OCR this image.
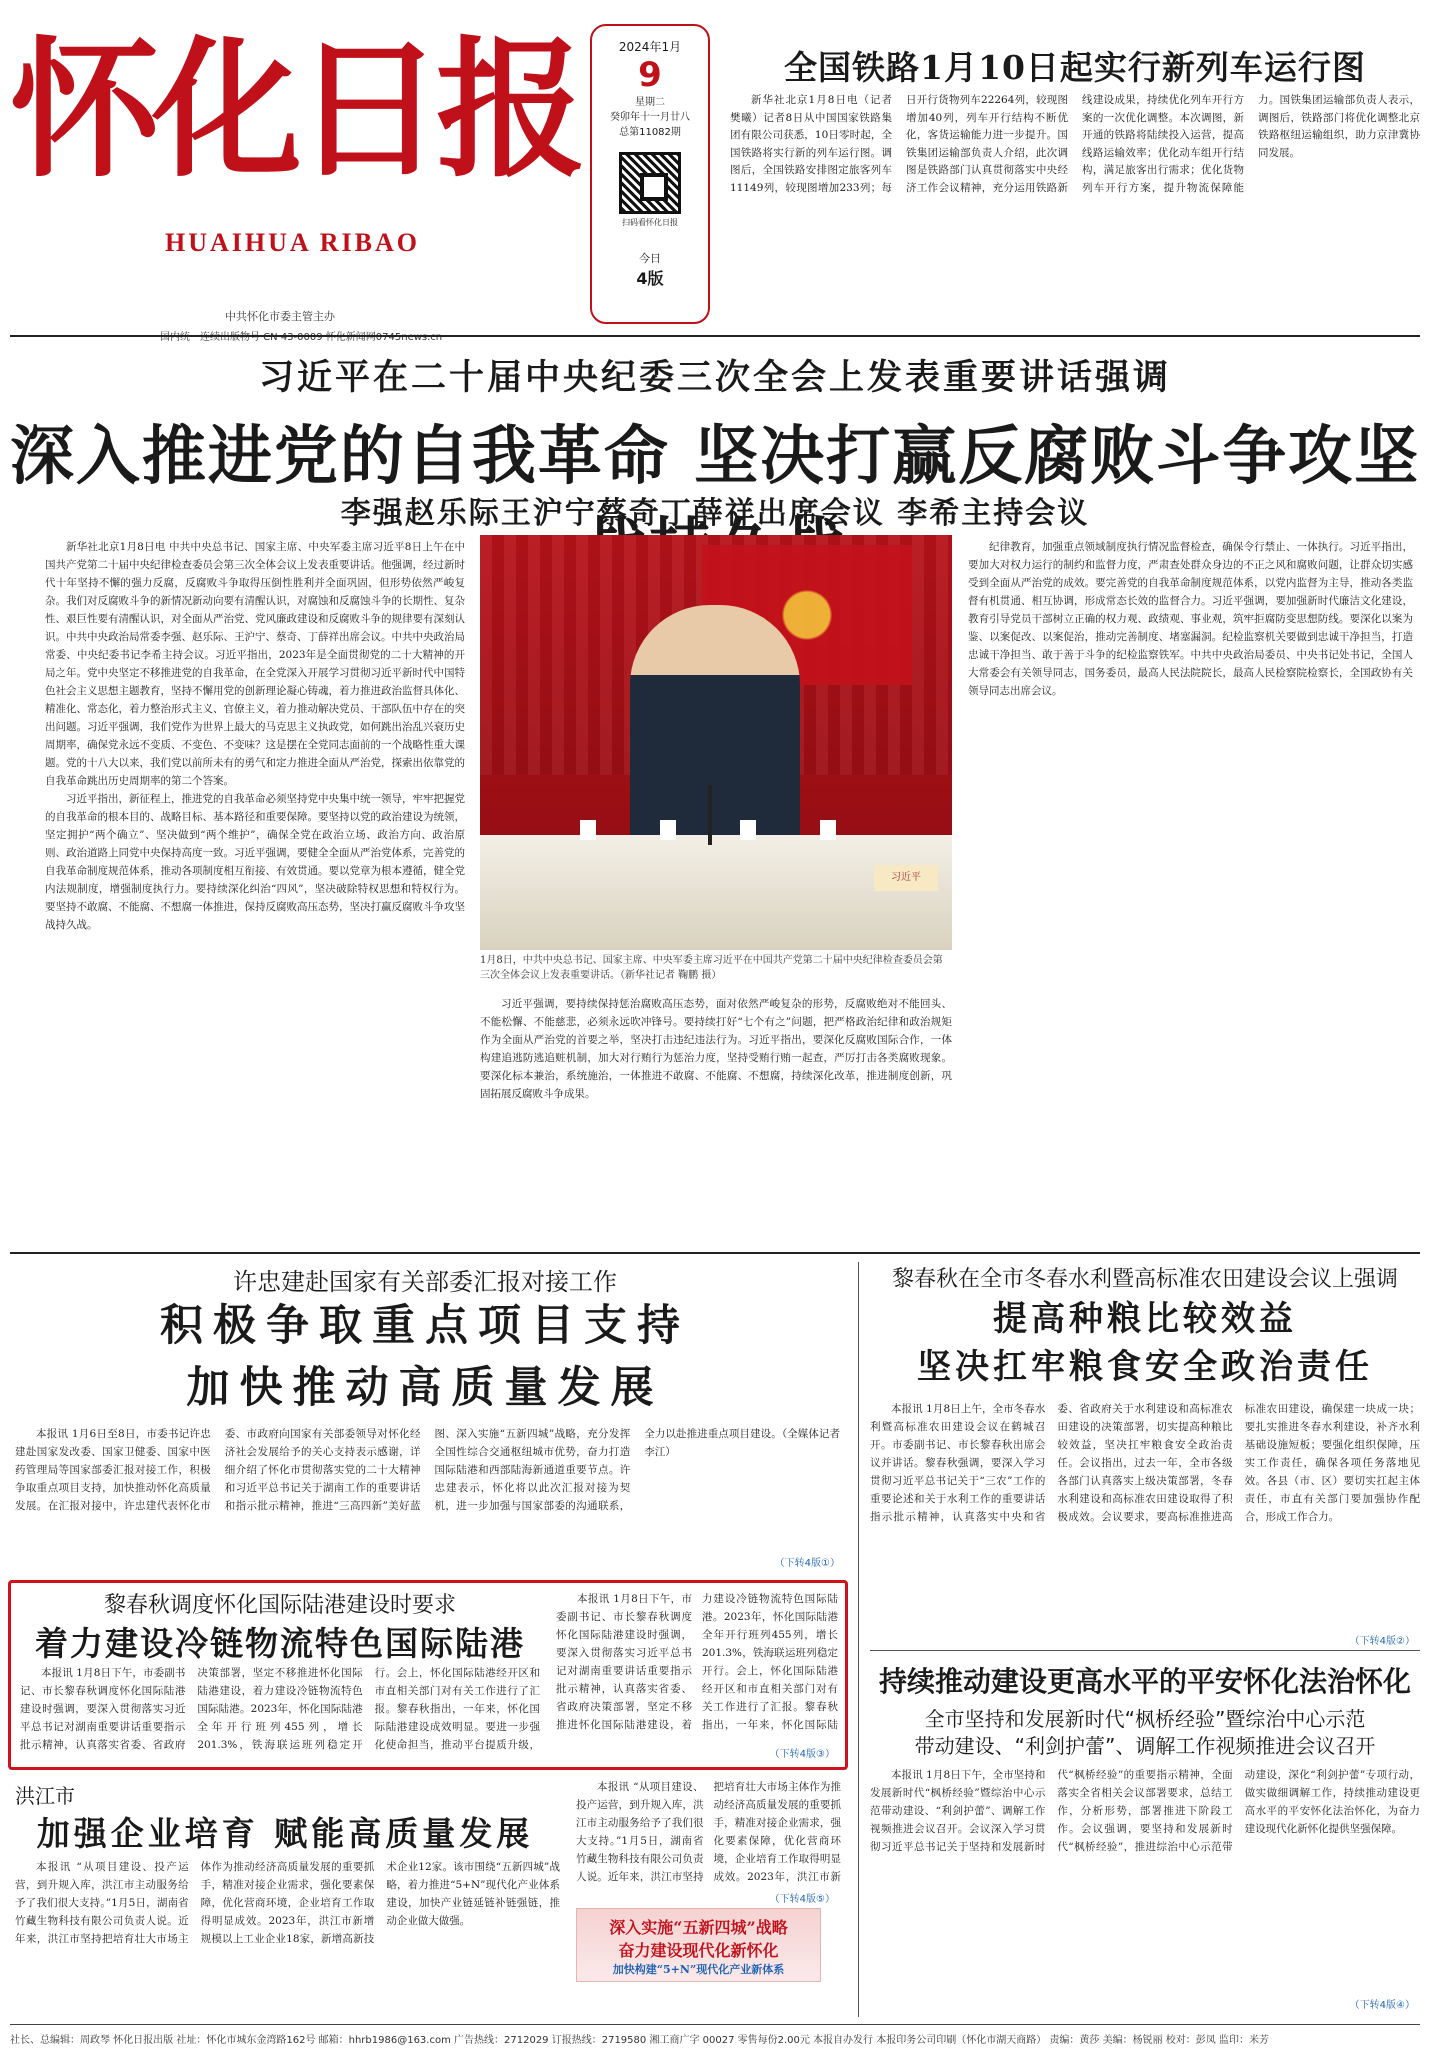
怀化日报
HUAIHUA RIBAO
中共怀化市委主管主办
国内统一连续出版物号 CN 43-0009 怀化新闻网0745news.cn
2024年1月
9
星期二
癸卯年十一月廿八
总第11082期
扫码看怀化日报
今日
4版
全国铁路1月10日起实行新列车运行图
新华社北京1月8日电（记者 樊曦）记者8日从中国国家铁路集团有限公司获悉，10日零时起，全国铁路将实行新的列车运行图。调图后，全国铁路安排图定旅客列车11149列，较现图增加233列；每日开行货物列车22264列，较现图增加40列，列车开行结构不断优化，客货运输能力进一步提升。国铁集团运输部负责人介绍，此次调图是铁路部门认真贯彻落实中央经济工作会议精神，充分运用铁路新线建设成果，持续优化列车开行方案的一次优化调整。本次调图，新开通的铁路将陆续投入运营，提高线路运输效率；优化动车组开行结构，满足旅客出行需求；优化货物列车开行方案，提升物流保障能力。国铁集团运输部负责人表示，调图后，铁路部门将优化调整北京铁路枢纽运输组织，助力京津冀协同发展。
习近平在二十届中央纪委三次全会上发表重要讲话强调
深入推进党的自我革命 坚决打赢反腐败斗争攻坚
李强赵乐际王沪宁蔡奇丁薛祥出席会议 李希主持会议

新华社北京1月8日电 中共中央总书记、国家主席、中央军委主席习近平8日上午在中国共产党第二十届中央纪律检查委员会第三次全体会议上发表重要讲话。他强调，经过新时代十年坚持不懈的强力反腐，反腐败斗争取得压倒性胜利并全面巩固，但形势依然严峻复杂。我们对反腐败斗争的新情况新动向要有清醒认识，对腐蚀和反腐蚀斗争的长期性、复杂性、艰巨性要有清醒认识，对全面从严治党、党风廉政建设和反腐败斗争的规律要有深刻认识。中共中央政治局常委李强、赵乐际、王沪宁、蔡奇、丁薛祥出席会议。中共中央政治局常委、中央纪委书记李希主持会议。习近平指出，2023年是全面贯彻党的二十大精神的开局之年。党中央坚定不移推进党的自我革命，在全党深入开展学习贯彻习近平新时代中国特色社会主义思想主题教育，坚持不懈用党的创新理论凝心铸魂，着力推进政治监督具体化、精准化、常态化，着力整治形式主义、官僚主义，着力推动解决党员、干部队伍中存在的突出问题。习近平强调，我们党作为世界上最大的马克思主义执政党，如何跳出治乱兴衰历史周期率，确保党永远不变质、不变色、不变味？这是摆在全党同志面前的一个战略性重大课题。党的十八大以来，我们党以前所未有的勇气和定力推进全面从严治党，探索出依靠党的自我革命跳出历史周期率的第二个答案。

习近平指出，新征程上，推进党的自我革命必须坚持党中央集中统一领导，牢牢把握党的自我革命的根本目的、战略目标、基本路径和重要保障。要坚持以党的政治建设为统领，坚定拥护“两个确立”、坚决做到“两个维护”，确保全党在政治立场、政治方向、政治原则、政治道路上同党中央保持高度一致。习近平强调，要健全全面从严治党体系，完善党的自我革命制度规范体系，推动各项制度相互衔接、有效贯通。要以党章为根本遵循，健全党内法规制度，增强制度执行力。要持续深化纠治“四风”，坚决破除特权思想和特权行为。要坚持不敢腐、不能腐、不想腐一体推进，保持反腐败高压态势，坚决打赢反腐败斗争攻坚战持久战。

习近平
1月8日，中共中央总书记、国家主席、中央军委主席习近平在中国共产党第二十届中央纪律检查委员会第三次全体会议上发表重要讲话。（新华社记者 鞠鹏 摄）

习近平强调，要持续保持惩治腐败高压态势，面对依然严峻复杂的形势，反腐败绝对不能回头、不能松懈、不能慈悲，必须永远吹冲锋号。要持续打好“七个有之”问题，把严格政治纪律和政治规矩作为全面从严治党的首要之举，坚决打击违纪违法行为。习近平指出，要深化反腐败国际合作，一体构建追逃防逃追赃机制，加大对行贿行为惩治力度，坚持受贿行贿一起查，严厉打击各类腐败现象。要深化标本兼治，系统施治，一体推进不敢腐、不能腐、不想腐，持续深化改革，推进制度创新，巩固拓展反腐败斗争成果。

纪律教育，加强重点领域制度执行情况监督检查，确保令行禁止、一体执行。习近平指出，要加大对权力运行的制约和监督力度，严肃查处群众身边的不正之风和腐败问题，让群众切实感受到全面从严治党的成效。要完善党的自我革命制度规范体系，以党内监督为主导，推动各类监督有机贯通、相互协调，形成常态长效的监督合力。习近平强调，要加强新时代廉洁文化建设，教育引导党员干部树立正确的权力观、政绩观、事业观，筑牢拒腐防变思想防线。要深化以案为鉴、以案促改、以案促治，推动完善制度、堵塞漏洞。纪检监察机关要做到忠诚干净担当，打造忠诚干净担当、敢于善于斗争的纪检监察铁军。中共中央政治局委员、中央书记处书记，全国人大常委会有关领导同志，国务委员，最高人民法院院长，最高人民检察院检察长，全国政协有关领导同志出席会议。

许忠建赴国家有关部委汇报对接工作
积极争取重点项目支持
加快推动高质量发展

本报讯 1月6日至8日，市委书记许忠建赴国家发改委、国家卫健委、国家中医药管理局等国家部委汇报对接工作，积极争取重点项目支持，加快推动怀化高质量发展。在汇报对接中，许忠建代表怀化市委、市政府向国家有关部委领导对怀化经济社会发展给予的关心支持表示感谢，详细介绍了怀化市贯彻落实党的二十大精神和习近平总书记关于湖南工作的重要讲话和指示批示精神，推进“三高四新”美好蓝图、深入实施“五新四城”战略，充分发挥全国性综合交通枢纽城市优势，奋力打造国际陆港和西部陆海新通道重要节点。许忠建表示，怀化将以此次汇报对接为契机，进一步加强与国家部委的沟通联系，全力以赴推进重点项目建设。（全媒体记者 李江）

（下转4版①）
黎春秋调度怀化国际陆港建设时要求
着力建设冷链物流特色国际陆港

本报讯 1月8日下午，市委副书记、市长黎春秋调度怀化国际陆港建设时强调，要深入贯彻落实习近平总书记对湖南重要讲话重要指示批示精神，认真落实省委、省政府决策部署，坚定不移推进怀化国际陆港建设，着力建设冷链物流特色国际陆港。2023年，怀化国际陆港全年开行班列455列，增长201.3%，铁海联运班列稳定开行。会上，怀化国际陆港经开区和市直相关部门对有关工作进行了汇报。黎春秋指出，一年来，怀化国际陆港建设成效明显。要进一步强化使命担当，推动平台提质升级，

本报讯 1月8日下午，市委副书记、市长黎春秋调度怀化国际陆港建设时强调，要深入贯彻落实习近平总书记对湖南重要讲话重要指示批示精神，认真落实省委、省政府决策部署，坚定不移推进怀化国际陆港建设，着力建设冷链物流特色国际陆港。2023年，怀化国际陆港全年开行班列455列，增长201.3%，铁海联运班列稳定开行。会上，怀化国际陆港经开区和市直相关部门对有关工作进行了汇报。黎春秋指出，一年来，怀化国际陆

（下转4版③）
洪江市
加强企业培育 赋能高质量发展

本报讯 “从项目建设、投产运营，到升规入库，洪江市主动服务给予了我们很大支持。”1月5日，湖南省竹藏生物科技有限公司负责人说。近年来，洪江市坚持把培育壮大市场主体作为推动经济高质量发展的重要抓手，精准对接企业需求，强化要素保障，优化营商环境，企业培育工作取得明显成效。2023年，洪江市新增规模以上工业企业18家，新增高新技术企业12家。该市围绕“五新四城”战略，着力推进“5+N”现代化产业体系建设，加快产业链延链补链强链，推动企业做大做强。

本报讯 “从项目建设、投产运营，到升规入库，洪江市主动服务给予了我们很大支持。”1月5日，湖南省竹藏生物科技有限公司负责人说。近年来，洪江市坚持把培育壮大市场主体作为推动经济高质量发展的重要抓手，精准对接企业需求，强化要素保障，优化营商环境，企业培育工作取得明显成效。2023年，洪江市新

（下转4版⑤）
深入实施“五新四城”战略
奋力建设现代化新怀化
加快构建“5+N”现代化产业新体系
黎春秋在全市冬春水利暨高标准农田建设会议上强调
提高种粮比较效益
坚决扛牢粮食安全政治责任

本报讯 1月8日上午，全市冬春水利暨高标准农田建设会议在鹤城召开。市委副书记、市长黎春秋出席会议并讲话。黎春秋强调，要深入学习贯彻习近平总书记关于“三农”工作的重要论述和关于水利工作的重要讲话指示批示精神，认真落实中央和省委、省政府关于水利建设和高标准农田建设的决策部署，切实提高种粮比较效益，坚决扛牢粮食安全政治责任。会议指出，过去一年，全市各级各部门认真落实上级决策部署，冬春水利建设和高标准农田建设取得了积极成效。会议要求，要高标准推进高标准农田建设，确保建一块成一块；要扎实推进冬春水利建设，补齐水利基础设施短板；要强化组织保障，压实工作责任，确保各项任务落地见效。各县（市、区）要切实扛起主体责任，市直有关部门要加强协作配合，形成工作合力。

（下转4版②）
持续推动建设更高水平的平安怀化法治怀化
全市坚持和发展新时代“枫桥经验”暨综治中心示范
带动建设、“利剑护蕾”、调解工作视频推进会议召开

本报讯 1月8日下午，全市坚持和发展新时代“枫桥经验”暨综治中心示范带动建设、“利剑护蕾”、调解工作视频推进会议召开。会议深入学习贯彻习近平总书记关于坚持和发展新时代“枫桥经验”的重要指示精神，全面落实全省相关会议部署要求，总结工作，分析形势，部署推进下阶段工作。会议强调，要坚持和发展新时代“枫桥经验”，推进综治中心示范带动建设，深化“利剑护蕾”专项行动，做实做细调解工作，持续推动建设更高水平的平安怀化法治怀化，为奋力建设现代化新怀化提供坚强保障。

（下转4版④）
社长、总编辑：周政琴 怀化日报出版 社址：怀化市城东金湾路162号 邮箱：hhrb1986@163.com 广告热线：2712029 订报热线：2719580 湘工商广字 00027 零售每份2.00元 本报自办发行 本报印务公司印刷（怀化市湖天商路） 责编：黄莎 美编：杨锐丽 校对：彭凤 监印：米芳
